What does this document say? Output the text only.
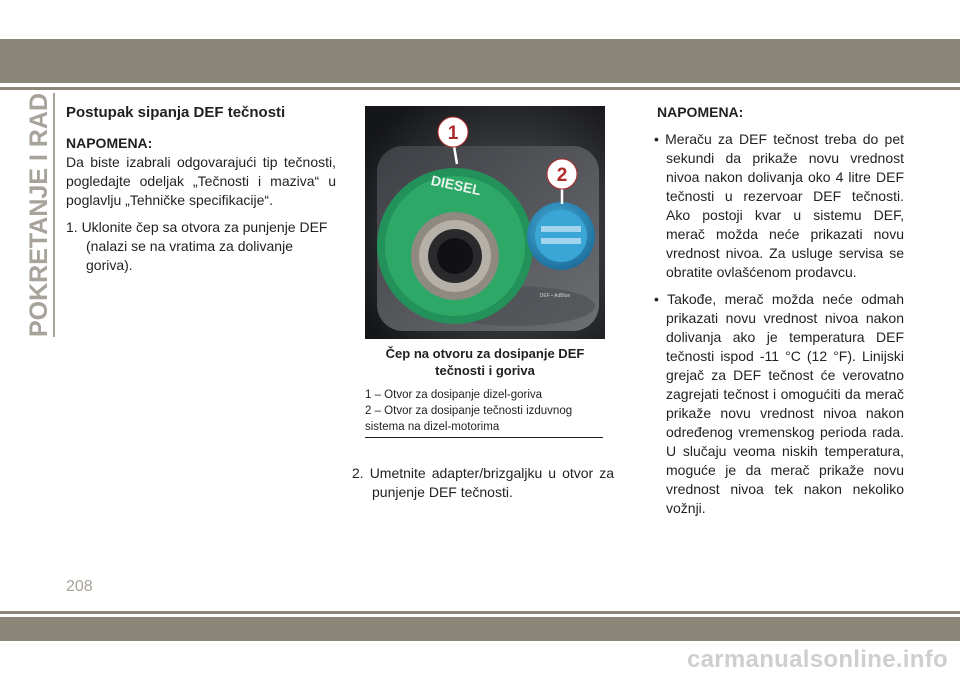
POKRETANJE I RAD Postupak sipanja DEF tečnosti

NAPOMENA:

Da biste izabrali odgovarajući tip tečnosti, pogledajte odeljak „Tečnosti i maziva“ u poglavlju „Tehničke specifikacije“.

1. Uklonite čep sa otvora za punjenje DEF (nalazi se na vratima za dolivanje goriva).

DIESEL
DEF • AdBlue
1
2
Čep na otvoru za dosipanje DEF tečnosti i goriva
1 – Otvor za dosipanje dizel-goriva
2 – Otvor za dosipanje tečnosti izduvnog sistema na dizel-motorima
2. Umetnite adapter/brizgaljku u otvor za punjenje DEF tečnosti.

NAPOMENA:

• Meraču za DEF tečnost treba do pet sekundi da prikaže novu vrednost nivoa nakon dolivanja oko 4 litre DEF tečnosti u rezervoar DEF tečnosti. Ako postoji kvar u sistemu DEF, merač možda neće prikazati novu vrednost nivoa. Za usluge servisa se obratite ovlašćenom prodavcu.

• Takođe, merač možda neće odmah prikazati novu vrednost nivoa nakon dolivanja ako je temperatura DEF tečnosti ispod -11 °C (12 °F). Linijski grejač za DEF tečnost će verovatno zagrejati tečnost i omogućiti da merač prikaže novu vrednost nivoa nakon određenog vremenskog perioda rada. U slučaju veoma niskih temperatura, moguće je da merač prikaže novu vrednost nivoa tek nakon nekoliko vožnji.

208
carmanualsonline.info
